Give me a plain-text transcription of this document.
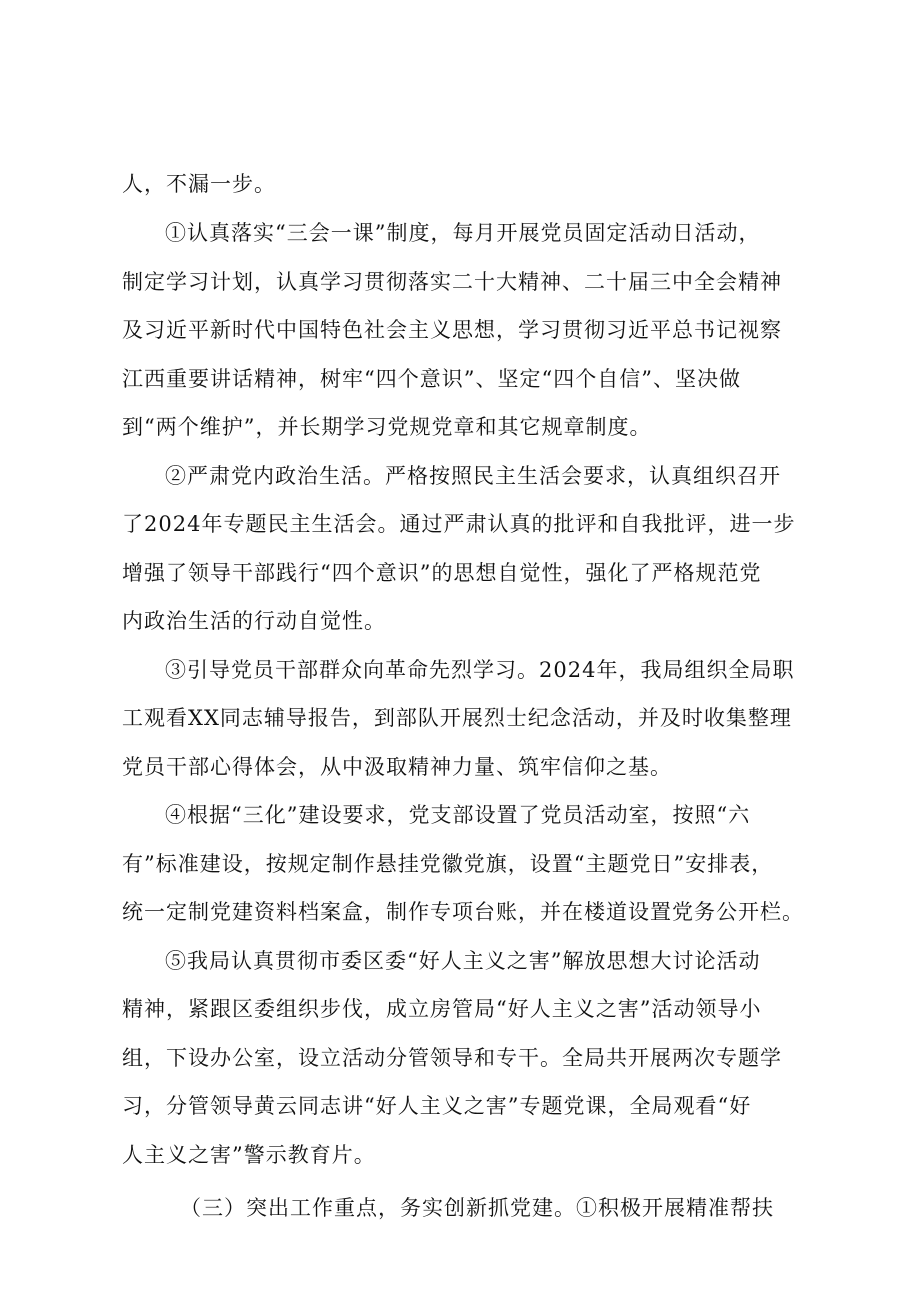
人，不漏一步。
①认真落实“三会一课”制度，每月开展党员固定活动日活动，
制定学习计划，认真学习贯彻落实二十大精神、二十届三中全会精神
及习近平新时代中国特色社会主义思想，学习贯彻习近平总书记视察
江西重要讲话精神，树牢“四个意识”、坚定“四个自信”、坚决做
到“两个维护”，并长期学习党规党章和其它规章制度。
②严肃党内政治生活。严格按照民主生活会要求，认真组织召开
了2024年专题民主生活会。通过严肃认真的批评和自我批评，进一步
增强了领导干部践行“四个意识”的思想自觉性，强化了严格规范党
内政治生活的行动自觉性。
③引导党员干部群众向革命先烈学习。2024年，我局组织全局职
工观看XX同志辅导报告，到部队开展烈士纪念活动，并及时收集整理
党员干部心得体会，从中汲取精神力量、筑牢信仰之基。
④根据“三化”建设要求，党支部设置了党员活动室，按照“六
有”标准建设，按规定制作悬挂党徽党旗，设置“主题党日”安排表，
统一定制党建资料档案盒，制作专项台账，并在楼道设置党务公开栏。
⑤我局认真贯彻市委区委“好人主义之害”解放思想大讨论活动
精神，紧跟区委组织步伐，成立房管局“好人主义之害”活动领导小
组，下设办公室，设立活动分管领导和专干。全局共开展两次专题学
习，分管领导黄云同志讲“好人主义之害”专题党课，全局观看“好
人主义之害”警示教育片。
（三）突出工作重点，务实创新抓党建。①积极开展精准帮扶
